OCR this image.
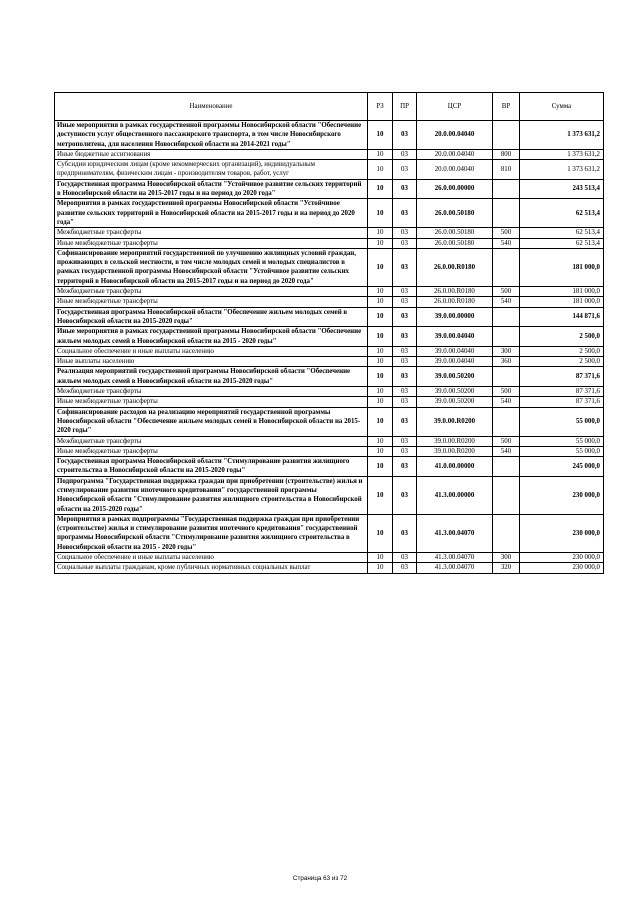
Наименование	РЗ	ПР	ЦСР	ВР	Сумма
Иные мероприятия в рамках государственной программы Новосибирской области "Обеспечение доступности услуг общественного пассажирского транспорта, в том числе Новосибирского метрополитена, для населения Новосибирской области на 2014-2021 годы"	10	03	20.0.00.04040		1 373 631,2
Иные бюджетные ассигнования	10	03	20.0.00.04040	800	1 373 631,2
Субсидии юридическим лицам (кроме некоммерческих организаций), индивидуальным предпринимателям, физическим лицам - производителям товаров, работ, услуг	10	03	20.0.00.04040	810	1 373 631,2
Государственная программа Новосибирской области "Устойчивое развитие сельских территорий в Новосибирской области на 2015-2017 годы и на период до 2020 года"	10	03	26.0.00.00000		243 513,4
Мероприятия в рамках государственной программы Новосибирской области "Устойчивое развитие сельских территорий в Новосибирской области на 2015-2017 годы и на период до 2020 года"	10	03	26.0.00.50180		62 513,4
Межбюджетные трансферты	10	03	26.0.00.50180	500	62 513,4
Иные межбюджетные трансферты	10	03	26.0.00.50180	540	62 513,4
Софинансирование мероприятий государственной по улучшению жилищных условий граждан, проживающих в сельской местности, в том числе молодых семей и молодых специалистов в рамках государственной программы Новосибирской области "Устойчивое развитие сельских территорий в Новосибирской области на 2015-2017 годы и на период до 2020 года"	10	03	26.0.00.R0180		181 000,0
Межбюджетные трансферты	10	03	26.0.00.R0180	500	181 000,0
Иные межбюджетные трансферты	10	03	26.0.00.R0180	540	181 000,0
Государственная программа Новосибирской области "Обеспечение жильем молодых семей в Новосибирской области на 2015-2020 годы"	10	03	39.0.00.00000		144 871,6
Иные мероприятия в рамках государственной программы Новосибирской области "Обеспечение жильем молодых семей в Новосибирской области на 2015 - 2020 годы"	10	03	39.0.00.04040		2 500,0
Социальное обеспечение и иные выплаты населению	10	03	39.0.00.04040	300	2 500,0
Иные выплаты населению	10	03	39.0.00.04040	360	2 500,0
Реализация мероприятий государственной программы Новосибирской области "Обеспечение жильем молодых семей в Новосибирской области на 2015-2020 годы"	10	03	39.0.00.50200		87 371,6
Межбюджетные трансферты	10	03	39.0.00.50200	500	87 371,6
Иные межбюджетные трансферты	10	03	39.0.00.50200	540	87 371,6
Софинансирование расходов на реализацию мероприятий государственной программы Новосибирской области "Обеспечение жильем молодых семей в Новосибирской области на 2015-2020 годы"	10	03	39.0.00.R0200		55 000,0
Межбюджетные трансферты	10	03	39.0.00.R0200	500	55 000,0
Иные межбюджетные трансферты	10	03	39.0.00.R0200	540	55 000,0
Государственная программа Новосибирской области "Стимулирование развития жилищного строительства в Новосибирской области на 2015-2020 годы"	10	03	41.0.00.00000		245 000,0
Подпрограмма "Государственная поддержка граждан при приобретении (строительстве) жилья и стимулирование развития ипотечного кредитования" государственной программы Новосибирской области "Стимулирование развития жилищного строительства в Новосибирской области на 2015-2020 годы"	10	03	41.3.00.00000		230 000,0
Мероприятия в рамках подпрограммы "Государственная поддержка граждан при приобретении (строительстве) жилья и стимулирование развития ипотечного кредитования" государственной программы Новосибирской области "Стимулирование развития жилищного строительства в Новосибирской области на 2015 - 2020 годы"	10	03	41.3.00.04070		230 000,0
Социальное обеспечение и иные выплаты населению	10	03	41.3.00.04070	300	230 000,0
Социальные выплаты гражданам, кроме публичных нормативных социальных выплат	10	03	41.3.00.04070	320	230 000,0
Страница 63 из 72
